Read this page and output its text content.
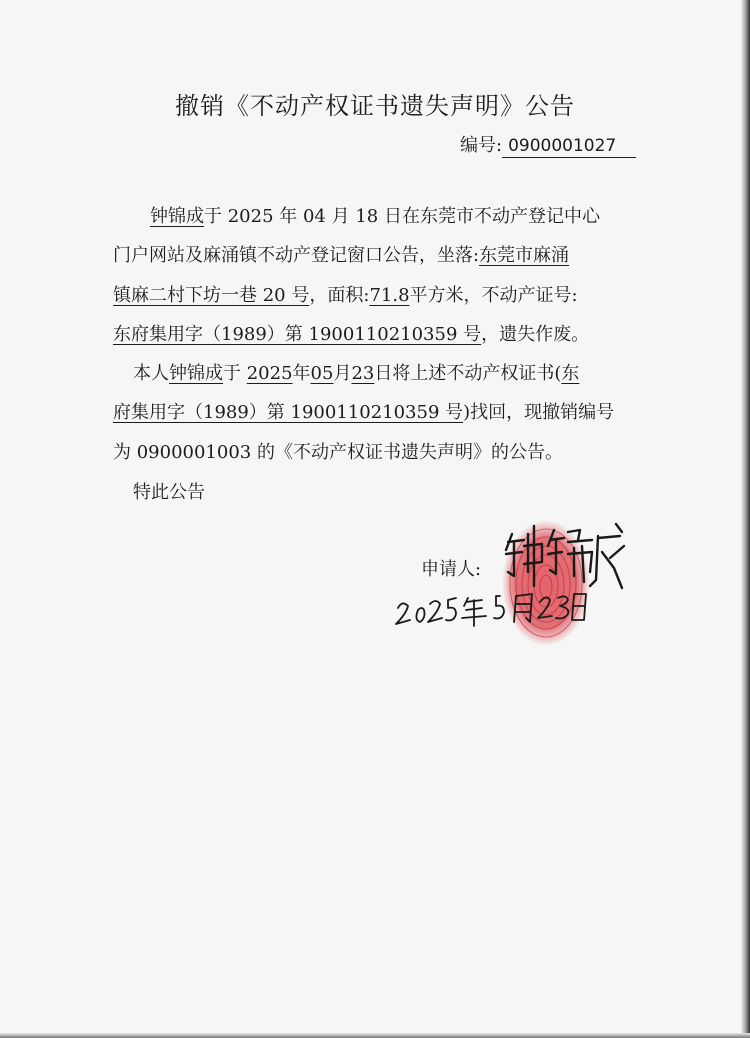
撤销《不动产权证书遗失声明》公告
编号: 0900001027
钟锦成于 2025 年 04 月 18 日在东莞市不动产登记中心
门户网站及麻涌镇不动产登记窗口公告，坐落:东莞市麻涌
镇麻二村下坊一巷 20 号，面积:71.8平方米，不动产证号:
东府集用字（1989）第 1900110210359 号，遗失作废。
本人钟锦成于 2025年05月23日将上述不动产权证书(东
府集用字（1989）第 1900110210359 号)找回，现撤销编号
为 0900001003 的《不动产权证书遗失声明》的公告。
特此公告
申请人:
